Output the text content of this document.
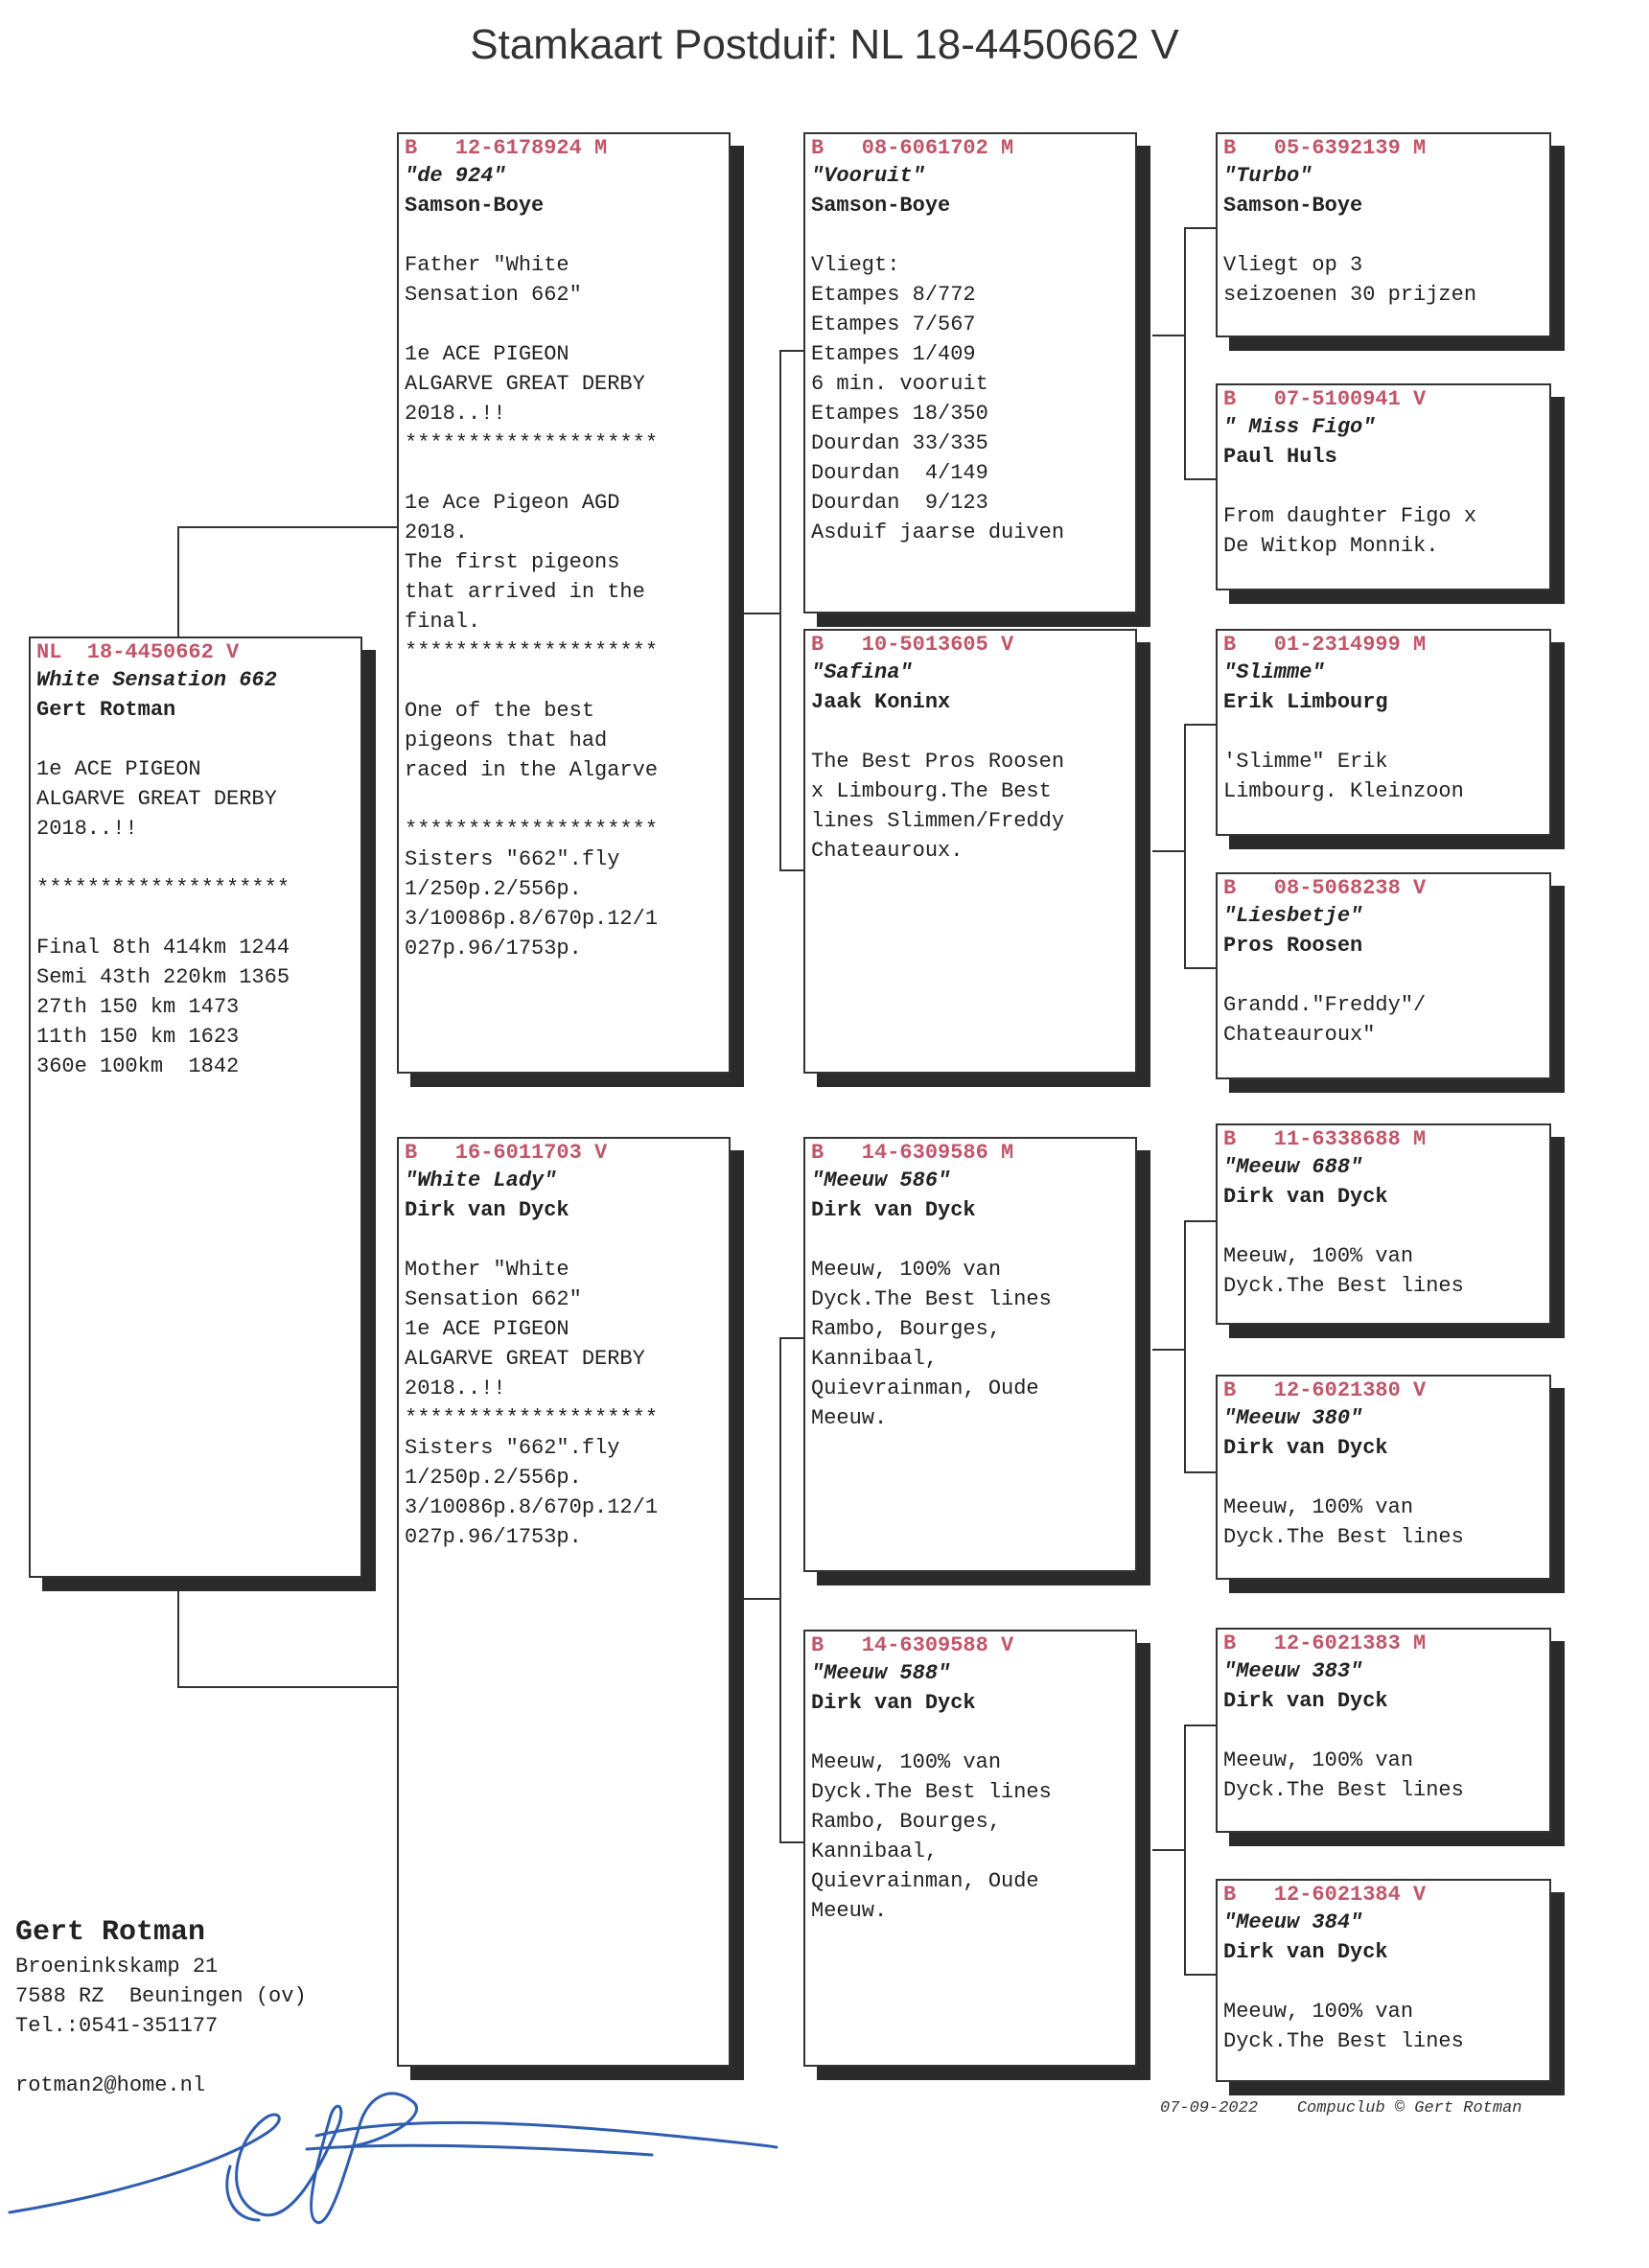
Stamkaart Postduif: NL 18-4450662 V
NL  18-4450662 V
White Sensation 662
Gert Rotman
1e ACE PIGEON
ALGARVE GREAT DERBY
2018..!!

********************

Final 8th 414km 1244
Semi 43th 220km 1365
27th 150 km 1473
11th 150 km 1623
360e 100km  1842
B   12-6178924 M
"de 924"
Samson-Boye
Father "White
Sensation 662"

1e ACE PIGEON
ALGARVE GREAT DERBY
2018..!!
********************

1e Ace Pigeon AGD
2018.
The first pigeons
that arrived in the
final.
********************

One of the best
pigeons that had
raced in the Algarve

********************
Sisters "662".fly
1/250p.2/556p.
3/10086p.8/670p.12/1
027p.96/1753p.
B   16-6011703 V
"White Lady"
Dirk van Dyck
Mother "White
Sensation 662"
1e ACE PIGEON
ALGARVE GREAT DERBY
2018..!!
********************
Sisters "662".fly
1/250p.2/556p.
3/10086p.8/670p.12/1
027p.96/1753p.
B   08-6061702 M
"Vooruit"
Samson-Boye
Vliegt:
Etampes 8/772
Etampes 7/567
Etampes 1/409
6 min. vooruit
Etampes 18/350
Dourdan 33/335
Dourdan  4/149
Dourdan  9/123
Asduif jaarse duiven
B   10-5013605 V
"Safina"
Jaak Koninx
The Best Pros Roosen
x Limbourg.The Best
lines Slimmen/Freddy
Chateauroux.
B   14-6309586 M
"Meeuw 586"
Dirk van Dyck
Meeuw, 100% van
Dyck.The Best lines
Rambo, Bourges,
Kannibaal,
Quievrainman, Oude
Meeuw.
B   14-6309588 V
"Meeuw 588"
Dirk van Dyck
Meeuw, 100% van
Dyck.The Best lines
Rambo, Bourges,
Kannibaal,
Quievrainman, Oude
Meeuw.
B   05-6392139 M
"Turbo"
Samson-Boye
Vliegt op 3
seizoenen 30 prijzen
B   07-5100941 V
" Miss Figo"
Paul Huls
From daughter Figo x
De Witkop Monnik.
B   01-2314999 M
"Slimme"
Erik Limbourg
'Slimme" Erik
Limbourg. Kleinzoon
B   08-5068238 V
"Liesbetje"
Pros Roosen
Grandd."Freddy"/
Chateauroux"
B   11-6338688 M
"Meeuw 688"
Dirk van Dyck
Meeuw, 100% van
Dyck.The Best lines
B   12-6021380 V
"Meeuw 380"
Dirk van Dyck
Meeuw, 100% van
Dyck.The Best lines
B   12-6021383 M
"Meeuw 383"
Dirk van Dyck
Meeuw, 100% van
Dyck.The Best lines
B   12-6021384 V
"Meeuw 384"
Dirk van Dyck
Meeuw, 100% van
Dyck.The Best lines
Gert Rotman
Broeninkskamp 21
7588 RZ  Beuningen (ov)
Tel.:0541-351177
rotman2@home.nl
07-09-2022 Compuclub © Gert Rotman
